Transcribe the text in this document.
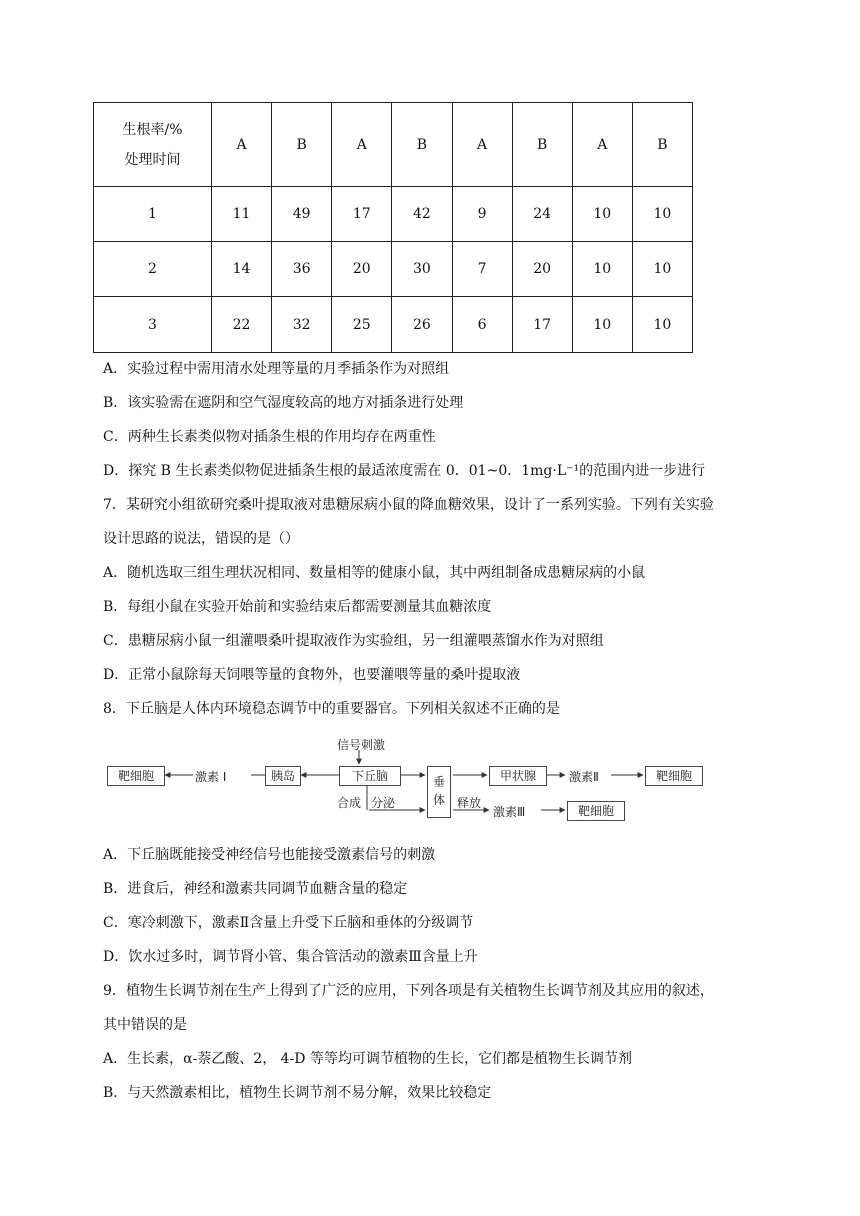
生根率/%
处理时间	A	B	A	B	A	B	A	B
1	11	49	17	42	9	24	10	10
2	14	36	20	30	7	20	10	10
3	22	32	25	26	6	17	10	10
A．实验过程中需用清水处理等量的月季插条作为对照组
B．该实验需在遮阴和空气湿度较高的地方对插条进行处理
C．两种生长素类似物对插条生根的作用均存在两重性
D．探究 B 生长素类似物促进插条生根的最适浓度需在 0．01~0．1mg·L⁻¹的范围内进一步进行
7．某研究小组欲研究桑叶提取液对患糖尿病小鼠的降血糖效果，设计了一系列实验。下列有关实验
设计思路的说法，错误的是（）
A．随机选取三组生理状况相同、数量相等的健康小鼠，其中两组制备成患糖尿病的小鼠
B．每组小鼠在实验开始前和实验结束后都需要测量其血糖浓度
C．患糖尿病小鼠一组灌喂桑叶提取液作为实验组，另一组灌喂蒸馏水作为对照组
D．正常小鼠除每天饲喂等量的食物外，也要灌喂等量的桑叶提取液
8．下丘脑是人体内环境稳态调节中的重要器官。下列相关叙述不正确的是
信号刺激
靶细胞	激素 Ⅰ	胰岛	下丘脑
合成 分泌
垂
体	释放
甲状腺	激素Ⅱ	靶细胞
激素Ⅲ	靶细胞
A．下丘脑既能接受神经信号也能接受激素信号的刺激
B．进食后，神经和激素共同调节血糖含量的稳定
C．寒冷刺激下，激素Ⅱ含量上升受下丘脑和垂体的分级调节
D．饮水过多时，调节肾小管、集合管活动的激素Ⅲ含量上升
9．植物生长调节剂在生产上得到了广泛的应用，下列各项是有关植物生长调节剂及其应用的叙述，
其中错误的是
A．生长素，α-萘乙酸、2， 4-D 等等均可调节植物的生长，它们都是植物生长调节剂
B．与天然激素相比，植物生长调节剂不易分解，效果比较稳定
